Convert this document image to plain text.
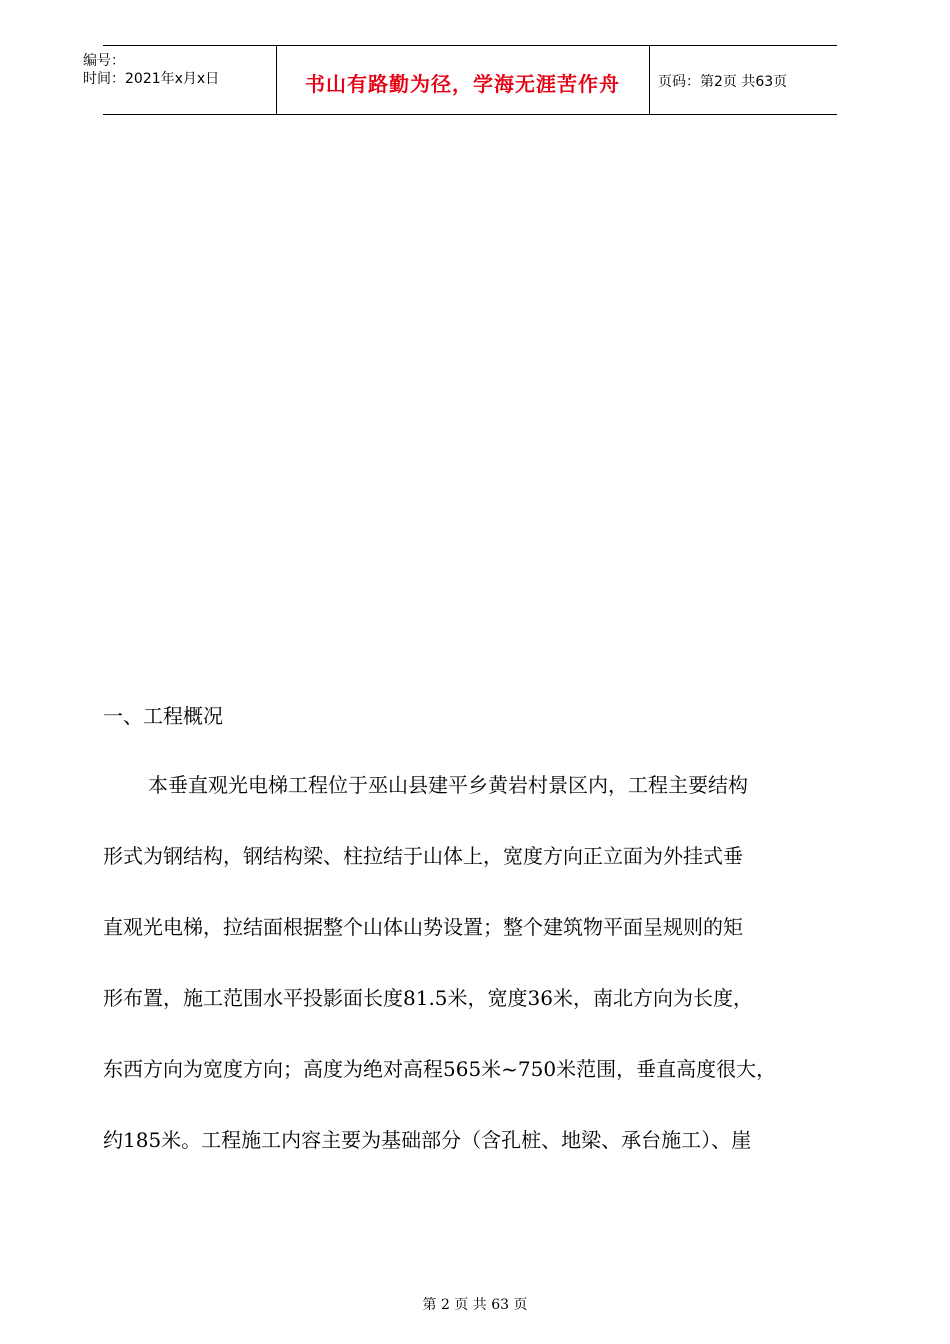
编号：
时间：2021年x月x日	书山有路勤为径，学海无涯苦作舟	页码：第2页 共63页
一、工程概况
本垂直观光电梯工程位于巫山县建平乡黄岩村景区内，工程主要结构
形式为钢结构，钢结构梁、柱拉结于山体上，宽度方向正立面为外挂式垂
直观光电梯，拉结面根据整个山体山势设置；整个建筑物平面呈规则的矩
形布置，施工范围水平投影面长度81.5米，宽度36米，南北方向为长度，
东西方向为宽度方向；高度为绝对高程565米~750米范围，垂直高度很大，
约185米。工程施工内容主要为基础部分（含孔桩、地梁、承台施工）、崖
第 2 页 共 63 页
